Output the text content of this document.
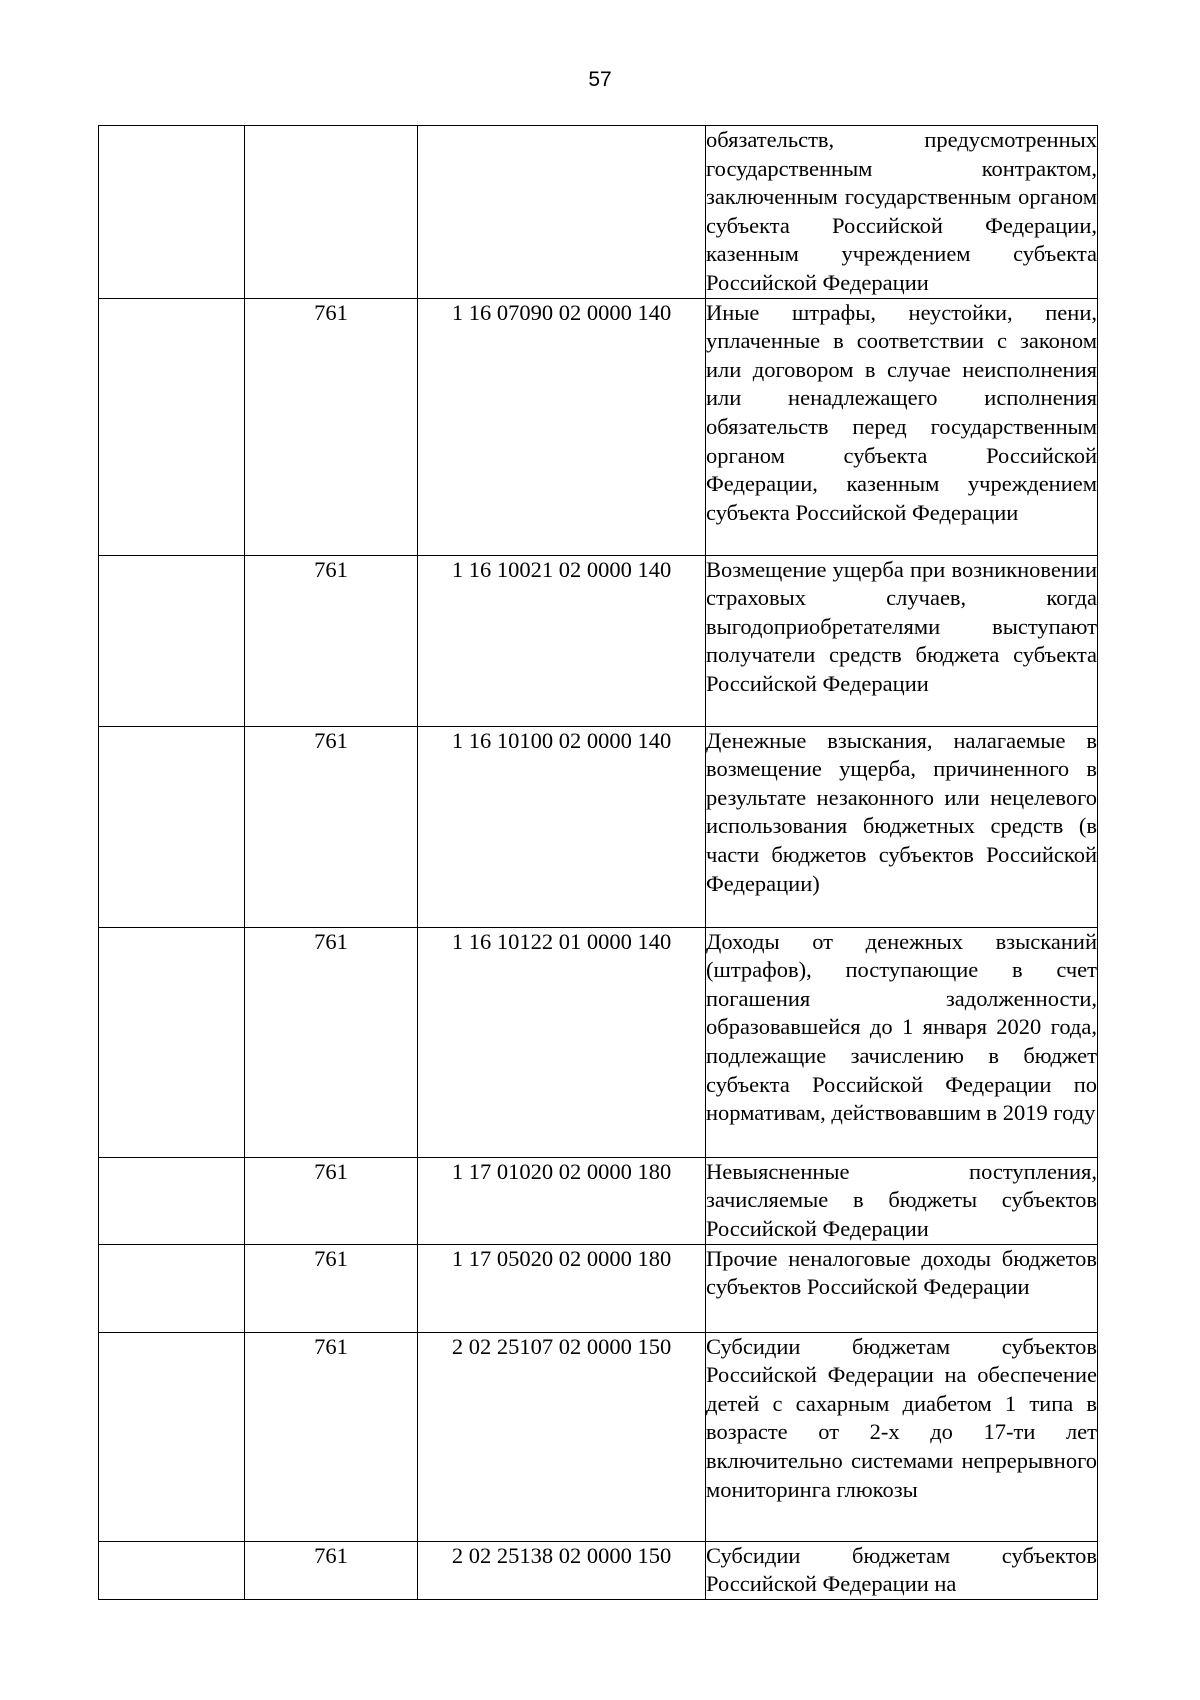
57
			обязательств, предусмотренных государственным контрактом, заключенным государственным органом субъекта Российской Федерации, казенным учреждением субъекта Российской Федерации
	761	1 16 07090 02 0000 140	Иные штрафы, неустойки, пени, уплаченные в соответствии с законом или договором в случае неисполнения или ненадлежащего исполнения обязательств перед государственным органом субъекта Российской Федерации, казенным учреждением субъекта Российской Федерации
	761	1 16 10021 02 0000 140	Возмещение ущерба при возникновении страховых случаев, когда выгодоприобретателями выступают получатели средств бюджета субъекта Российской Федерации
	761	1 16 10100 02 0000 140	Денежные взыскания, налагаемые в возмещение ущерба, причиненного в результате незаконного или нецелевого использования бюджетных средств (в части бюджетов субъектов Российской Федерации)
	761	1 16 10122 01 0000 140	Доходы от денежных взысканий (штрафов), поступающие в счет погашения задолженности, образовавшейся до 1 января 2020 года, подлежащие зачислению в бюджет субъекта Российской Федерации по нормативам, действовавшим в 2019 году
	761	1 17 01020 02 0000 180	Невыясненные поступления, зачисляемые в бюджеты субъектов Российской Федерации
	761	1 17 05020 02 0000 180	Прочие неналоговые доходы бюджетов субъектов Российской Федерации
	761	2 02 25107 02 0000 150	Субсидии бюджетам субъектов Российской Федерации на обеспечение детей с сахарным диабетом 1 типа в возрасте от 2-х до 17-ти лет включительно системами непрерывного мониторинга глюкозы
	761	2 02 25138 02 0000 150	Субсидии бюджетам субъектов Российской Федерации на
